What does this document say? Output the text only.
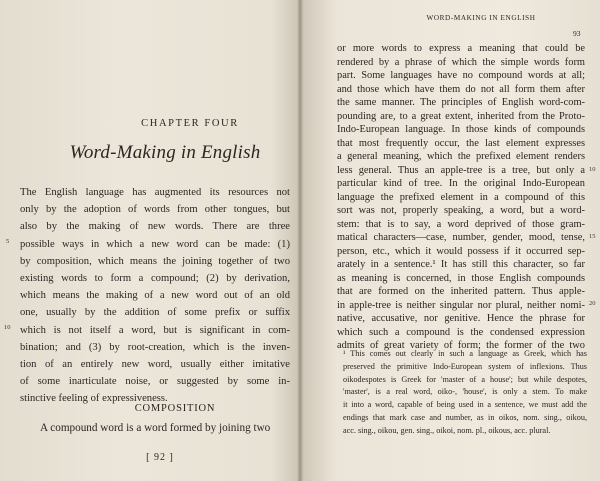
CHAPTER FOUR
Word-Making in English
The English language has augmented its resources not
only by the adoption of words from other tongues, but
also by the making of new words. There are three
possible ways in which a new word can be made: (1)
by composition, which means the joining together of two
existing words to form a compound; (2) by derivation,
which means the making of a new word out of an old
one, usually by the addition of some prefix or suffix
which is not itself a word, but is significant in com-
bination; and (3) by root-creation, which is the inven-
tion of an entirely new word, usually either imitative
of some inarticulate noise, or suggested by some in-
stinctive feeling of expressiveness.
5
10
COMPOSITION
A compound word is a word formed by joining two
[ 92 ]
WORD-MAKING IN ENGLISH
93
or more words to express a meaning that could be
rendered by a phrase of which the simple words form
part. Some languages have no compound words at all;
and those which have them do not all form them after
the same manner. The principles of English word-com-
pounding are, to a great extent, inherited from the Proto-
Indo-European language. In those kinds of compounds
that most frequently occur, the last element expresses
a general meaning, which the prefixed element renders
less general. Thus an apple-tree is a tree, but only a
particular kind of tree. In the original Indo-European
language the prefixed element in a compound of this
sort was not, properly speaking, a word, but a word-
stem: that is to say, a word deprived of those gram-
matical characters—case, number, gender, mood, tense,
person, etc., which it would possess if it occurred sep-
arately in a sentence.¹ It has still this character, so far
as meaning is concerned, in those English compounds
that are formed on the inherited pattern. Thus apple-
in apple-tree is neither singular nor plural, neither nomi-
native, accusative, nor genitive. Hence the phrase for
which such a compound is the condensed expression
admits of great variety of form; the former of the two
10
15
20
¹ This comes out clearly in such a language as Greek, which has
preserved the primitive Indo-European system of inflexions. Thus
oikodespotes is Greek for 'master of a house'; but while despotes,
'master', is a real word, oiko-, 'house', is only a stem. To make
it into a word, capable of being used in a sentence, we must add the
endings that mark case and number, as in oikos, nom. sing., oikou,
acc. sing., oikou, gen. sing., oikoi, nom. pl., oikous, acc. plural.
